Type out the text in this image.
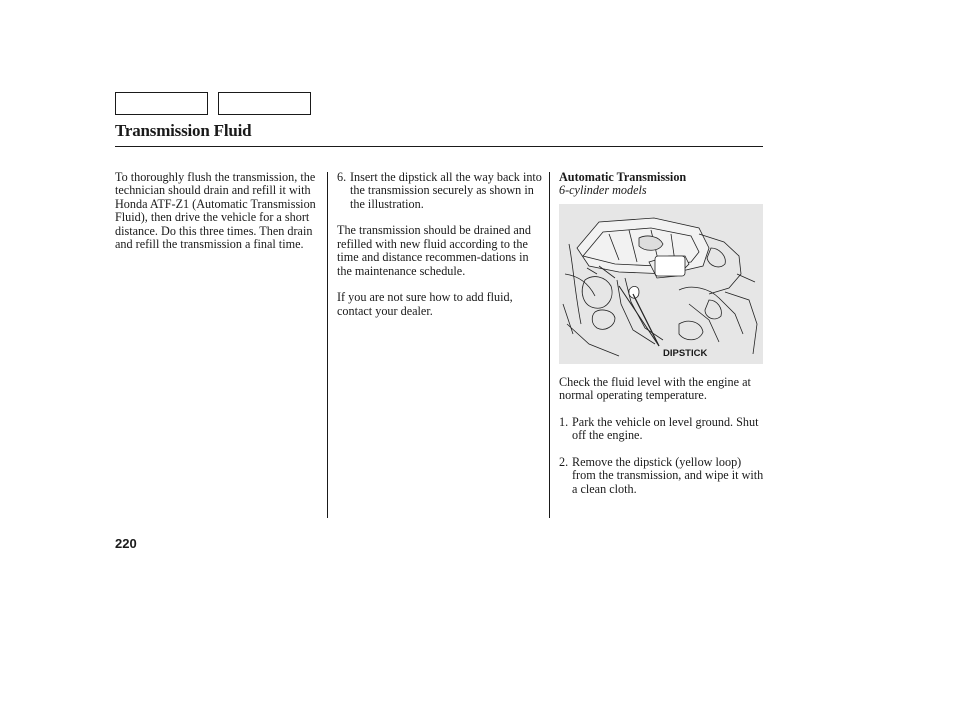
Transmission Fluid

To thoroughly flush the transmission, the technician should drain and refill it with Honda ATF-Z1 (Automatic Transmission Fluid), then drive the vehicle for a short distance. Do this three times. Then drain and refill the transmission a final time.

6. Insert the dipstick all the way back into the transmission securely as shown in the illustration.

The transmission should be drained and refilled with new fluid according to the time and distance recommen-dations in the maintenance schedule.

If you are not sure how to add fluid, contact your dealer.

Automatic Transmission
6-cylinder models
DIPSTICK

Check the fluid level with the engine at normal operating temperature.

1. Park the vehicle on level ground. Shut off the engine.

2. Remove the dipstick (yellow loop) from the transmission, and wipe it with a clean cloth.

220
